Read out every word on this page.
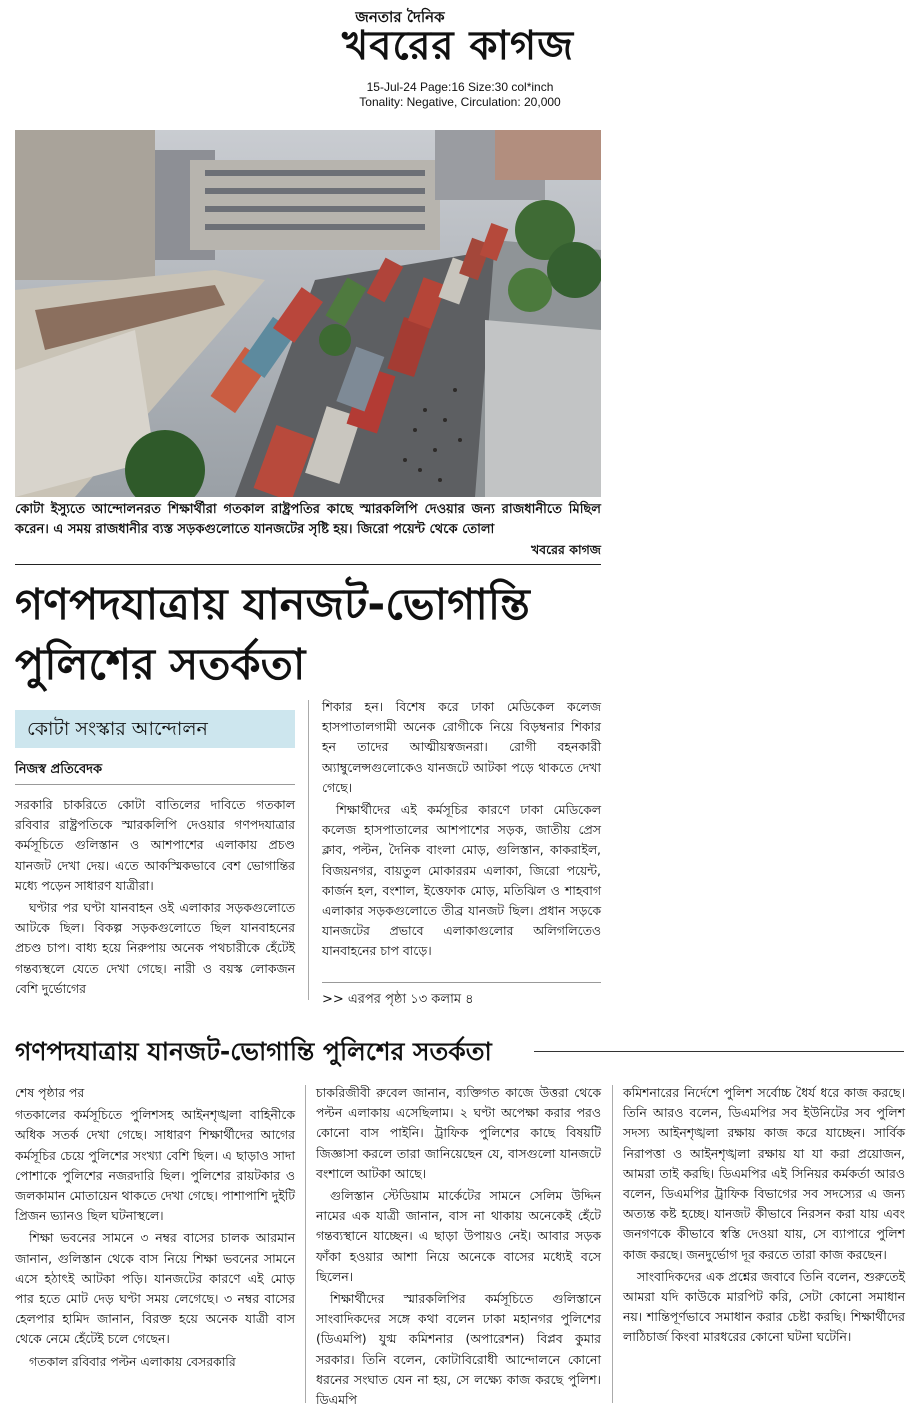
জনতার দৈনিক
খবরের কাগজ
15-Jul-24 Page:16 Size:30 col*inch
Tonality: Negative, Circulation: 20,000
কোটা ইস্যুতে আন্দোলনরত শিক্ষার্থীরা গতকাল রাষ্ট্রপতির কাছে স্মারকলিপি দেওয়ার জন্য রাজধানীতে মিছিল করেন। এ সময় রাজধানীর ব্যস্ত সড়কগুলোতে যানজটের সৃষ্টি হয়। জিরো পয়েন্ট থেকে তোলা
খবরের কাগজ
গণপদযাত্রায় যানজট-ভোগান্তি
পুলিশের সতর্কতা
কোটা সংস্কার আন্দোলন
নিজস্ব প্রতিবেদক

সরকারি চাকরিতে কোটা বাতিলের দাবিতে গতকাল রবিবার রাষ্ট্রপতিকে স্মারকলিপি দেওয়ার গণপদযাত্রার কর্মসূচিতে গুলিস্তান ও আশপাশের এলাকায় প্রচণ্ড যানজট দেখা দেয়। এতে আকস্মিকভাবে বেশ ভোগান্তির মধ্যে পড়েন সাধারণ যাত্রীরা।

ঘণ্টার পর ঘণ্টা যানবাহন ওই এলাকার সড়কগুলোতে আটকে ছিল। বিকল্প সড়কগুলোতে ছিল যানবাহনের প্রচণ্ড চাপ। বাধ্য হয়ে নিরুপায় অনেক পথচারীকে হেঁটেই গন্তব্যস্থলে যেতে দেখা গেছে। নারী ও বয়স্ক লোকজন বেশি দুর্ভোগের

শিকার হন। বিশেষ করে ঢাকা মেডিকেল কলেজ হাসপাতালগামী অনেক রোগীকে নিয়ে বিড়ম্বনার শিকার হন তাদের আত্মীয়স্বজনরা। রোগী বহনকারী অ্যাম্বুলেন্সগুলোকেও যানজটে আটকা পড়ে থাকতে দেখা গেছে।

শিক্ষার্থীদের এই কর্মসূচির কারণে ঢাকা মেডিকেল কলেজ হাসপাতালের আশপাশের সড়ক, জাতীয় প্রেস ক্লাব, পল্টন, দৈনিক বাংলা মোড়, গুলিস্তান, কাকরাইল, বিজয়নগর, বায়তুল মোকাররম এলাকা, জিরো পয়েন্ট, কার্জন হল, বংশাল, ইত্তেফাক মোড়, মতিঝিল ও শাহবাগ এলাকার সড়কগুলোতে তীব্র যানজট ছিল। প্রধান সড়কে যানজটের প্রভাবে এলাকাগুলোর অলিগলিতেও যানবাহনের চাপ বাড়ে।

>> এরপর পৃষ্ঠা ১৩ কলাম ৪
গণপদযাত্রায় যানজট-ভোগান্তি পুলিশের সতর্কতা

শেষ পৃষ্ঠার পর

গতকালের কর্মসূচিতে পুলিশসহ আইনশৃঙ্খলা বাহিনীকে অধিক সতর্ক দেখা গেছে। সাধারণ শিক্ষার্থীদের আগের কর্মসূচির চেয়ে পুলিশের সংখ্যা বেশি ছিল। এ ছাড়াও সাদা পোশাকে পুলিশের নজরদারি ছিল। পুলিশের রায়টকার ও জলকামান মোতায়েন থাকতে দেখা গেছে। পাশাপাশি দুইটি প্রিজন ভ্যানও ছিল ঘটনাস্থলে।

শিক্ষা ভবনের সামনে ৩ নম্বর বাসের চালক আরমান জানান, গুলিস্তান থেকে বাস নিয়ে শিক্ষা ভবনের সামনে এসে হঠাৎই আটকা পড়ি। যানজটের কারণে এই মোড় পার হতে মোট দেড় ঘণ্টা সময় লেগেছে। ৩ নম্বর বাসের হেলপার হামিদ জানান, বিরক্ত হয়ে অনেক যাত্রী বাস থেকে নেমে হেঁটেই চলে গেছেন।

গতকাল রবিবার পল্টন এলাকায় বেসরকারি

চাকরিজীবী রুবেল জানান, ব্যক্তিগত কাজে উত্তরা থেকে পল্টন এলাকায় এসেছিলাম। ২ ঘণ্টা অপেক্ষা করার পরও কোনো বাস পাইনি। ট্রাফিক পুলিশের কাছে বিষয়টি জিজ্ঞাসা করলে তারা জানিয়েছেন যে, বাসগুলো যানজটে বংশালে আটকা আছে।

গুলিস্তান স্টেডিয়াম মার্কেটের সামনে সেলিম উদ্দিন নামের এক যাত্রী জানান, বাস না থাকায় অনেকেই হেঁটে গন্তব্যস্থানে যাচ্ছেন। এ ছাড়া উপায়ও নেই। আবার সড়ক ফাঁকা হওয়ার আশা নিয়ে অনেকে বাসের মধ্যেই বসে ছিলেন।

শিক্ষার্থীদের স্মারকলিপির কর্মসূচিতে গুলিস্তানে সাংবাদিকদের সঙ্গে কথা বলেন ঢাকা মহানগর পুলিশের (ডিএমপি) যুগ্ম কমিশনার (অপারেশন) বিপ্লব কুমার সরকার। তিনি বলেন, কোটাবিরোধী আন্দোলনে কোনো ধরনের সংঘাত যেন না হয়, সে লক্ষ্যে কাজ করছে পুলিশ। ডিএমপি

কমিশনারের নির্দেশে পুলিশ সর্বোচ্চ ধৈর্য ধরে কাজ করছে। তিনি আরও বলেন, ডিএমপির সব ইউনিটের সব পুলিশ সদস্য আইনশৃঙ্খলা রক্ষায় কাজ করে যাচ্ছেন। সার্বিক নিরাপত্তা ও আইনশৃঙ্খলা রক্ষায় যা যা করা প্রয়োজন, আমরা তাই করছি। ডিএমপির এই সিনিয়র কর্মকর্তা আরও বলেন, ডিএমপির ট্রাফিক বিভাগের সব সদস্যের এ জন্য অত্যন্ত কষ্ট হচ্ছে। যানজট কীভাবে নিরসন করা যায় এবং জনগণকে কীভাবে স্বস্তি দেওয়া যায়, সে ব্যাপারে পুলিশ কাজ করছে। জনদুর্ভোগ দূর করতে তারা কাজ করছেন।

সাংবাদিকদের এক প্রশ্নের জবাবে তিনি বলেন, শুরুতেই আমরা যদি কাউকে মারপিট করি, সেটা কোনো সমাধান নয়। শান্তিপূর্ণভাবে সমাধান করার চেষ্টা করছি। শিক্ষার্থীদের লাঠিচার্জ কিংবা মারধরের কোনো ঘটনা ঘটেনি।
